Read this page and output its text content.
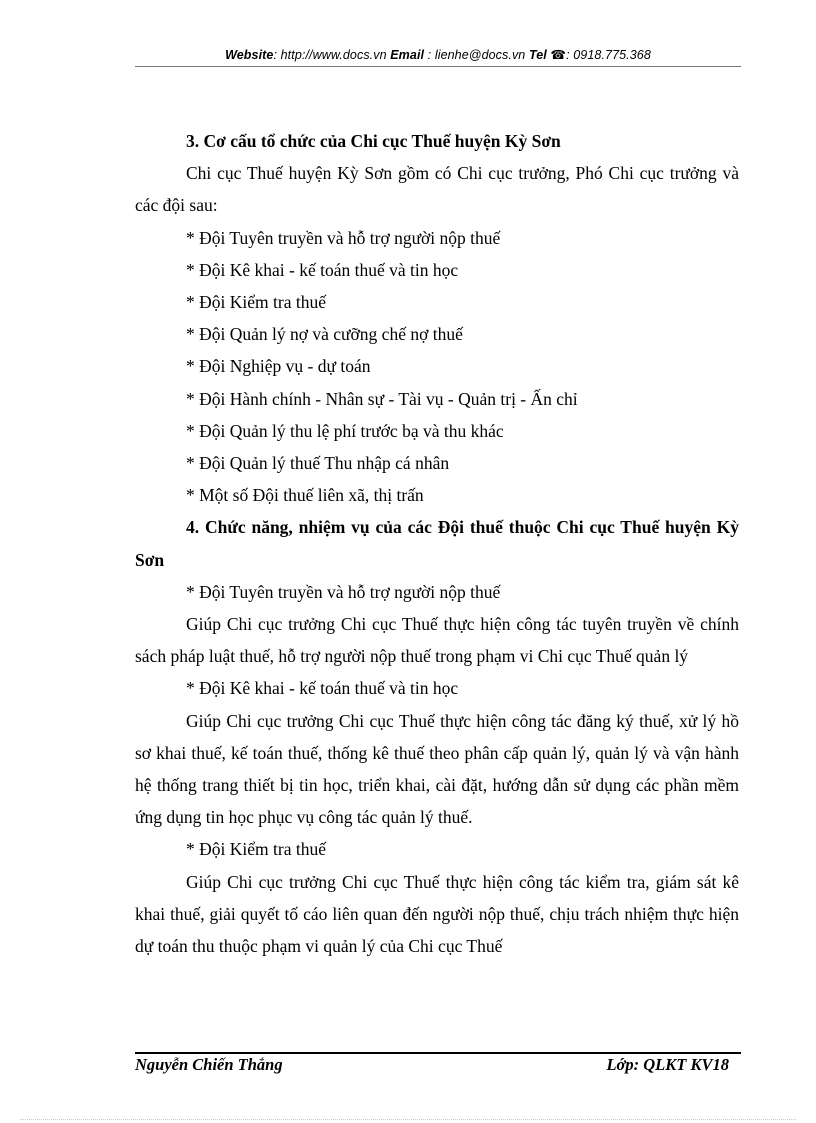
Website: http://www.docs.vn Email : lienhe@docs.vn Tel ☎: 0918.775.368

3. Cơ cấu tổ chức của Chi cục Thuế huyện Kỳ Sơn

Chi cục Thuế huyện Kỳ Sơn gồm có Chi cục trưởng, Phó Chi cục trưởng và các đội sau:

* Đội Tuyên truyền và hỗ trợ người nộp thuế

* Đội Kê khai - kế toán thuế và tin học

* Đội Kiểm tra thuế

* Đội Quản lý nợ và cưỡng chế nợ thuế

* Đội Nghiệp vụ - dự toán

* Đội Hành chính - Nhân sự - Tài vụ - Quản trị - Ấn chỉ

* Đội Quản lý thu lệ phí trước bạ và thu khác

* Đội Quản lý thuế Thu nhập cá nhân

* Một số Đội thuế liên xã, thị trấn

4. Chức năng, nhiệm vụ của các Đội thuế thuộc Chi cục Thuế huyện Kỳ Sơn

* Đội Tuyên truyền và hỗ trợ người nộp thuế

Giúp Chi cục trưởng Chi cục Thuế thực hiện công tác tuyên truyền về chính sách pháp luật thuế, hỗ trợ người nộp thuế trong phạm vi Chi cục Thuế quản lý

* Đội Kê khai - kế toán thuế và tin học

Giúp Chi cục trưởng Chi cục Thuế thực hiện công tác đăng ký thuế, xử lý hồ sơ khai thuế, kế toán thuế, thống kê thuế theo phân cấp quản lý, quản lý và vận hành hệ thống trang thiết bị tin học, triển khai, cài đặt, hướng dẫn sử dụng các phần mềm ứng dụng tin học phục vụ công tác quản lý thuế.

* Đội Kiểm tra thuế

Giúp Chi cục trưởng Chi cục Thuế thực hiện công tác kiểm tra, giám sát kê khai thuế, giải quyết tố cáo liên quan đến người nộp thuế, chịu trách nhiệm thực hiện dự toán thu thuộc phạm vi quản lý của Chi cục Thuế

Nguyễn Chiến Thắng	Lớp: QLKT KV18
